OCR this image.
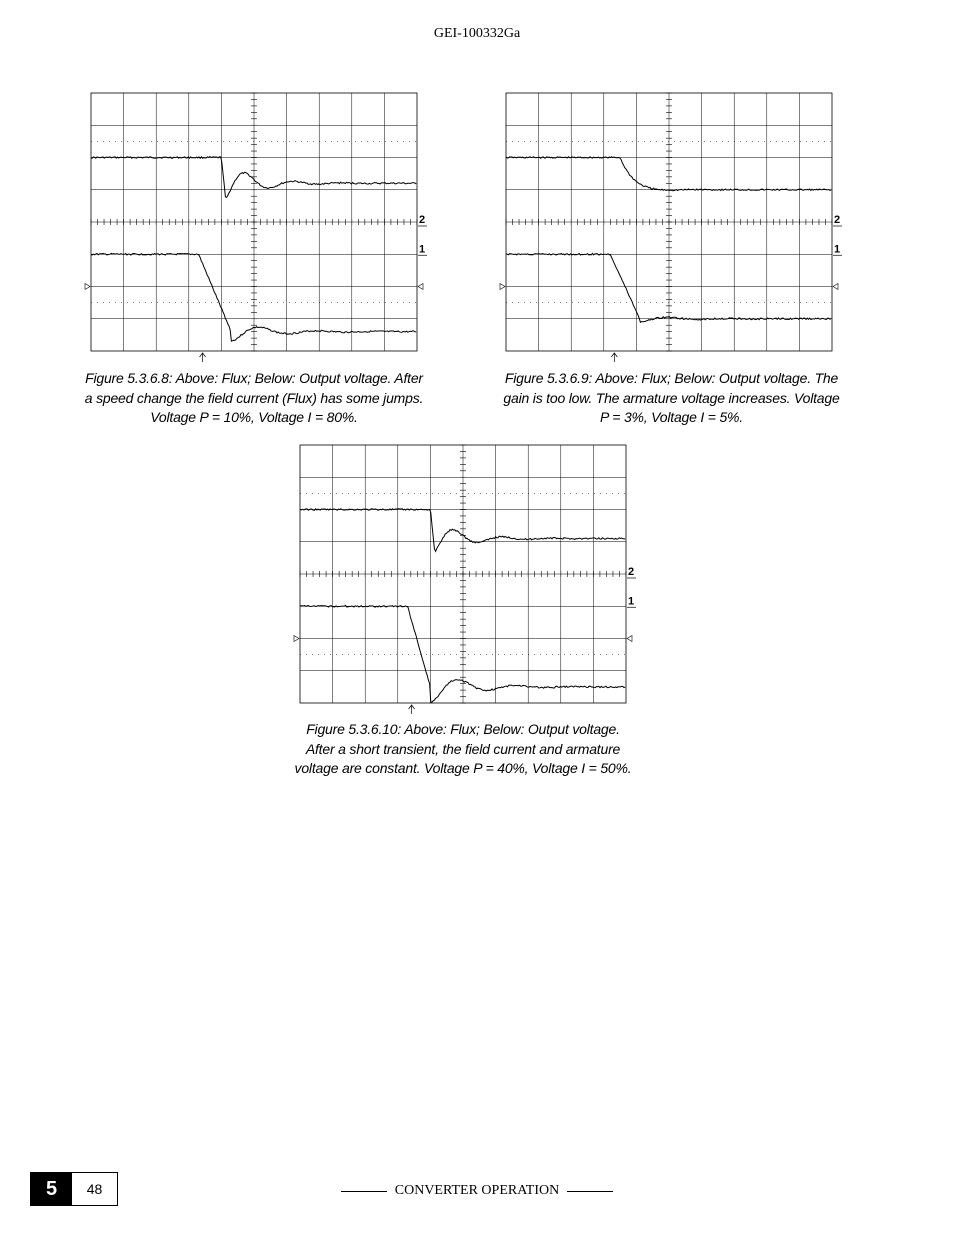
GEI-100332Ga
2
1
Figure 5.3.6.8: Above: Flux; Below: Output voltage. After a speed change the field current (Flux) has some jumps. Voltage P = 10%, Voltage I = 80%.
2
1
Figure 5.3.6.9: Above: Flux; Below: Output voltage. The gain is too low. The armature voltage increases. Voltage P = 3%, Voltage I = 5%.
2
1
Figure 5.3.6.10: Above: Flux; Below: Output voltage. After a short transient, the field current and armature voltage are constant. Voltage P = 40%, Voltage I = 50%.
5	48	CONVERTER OPERATION
